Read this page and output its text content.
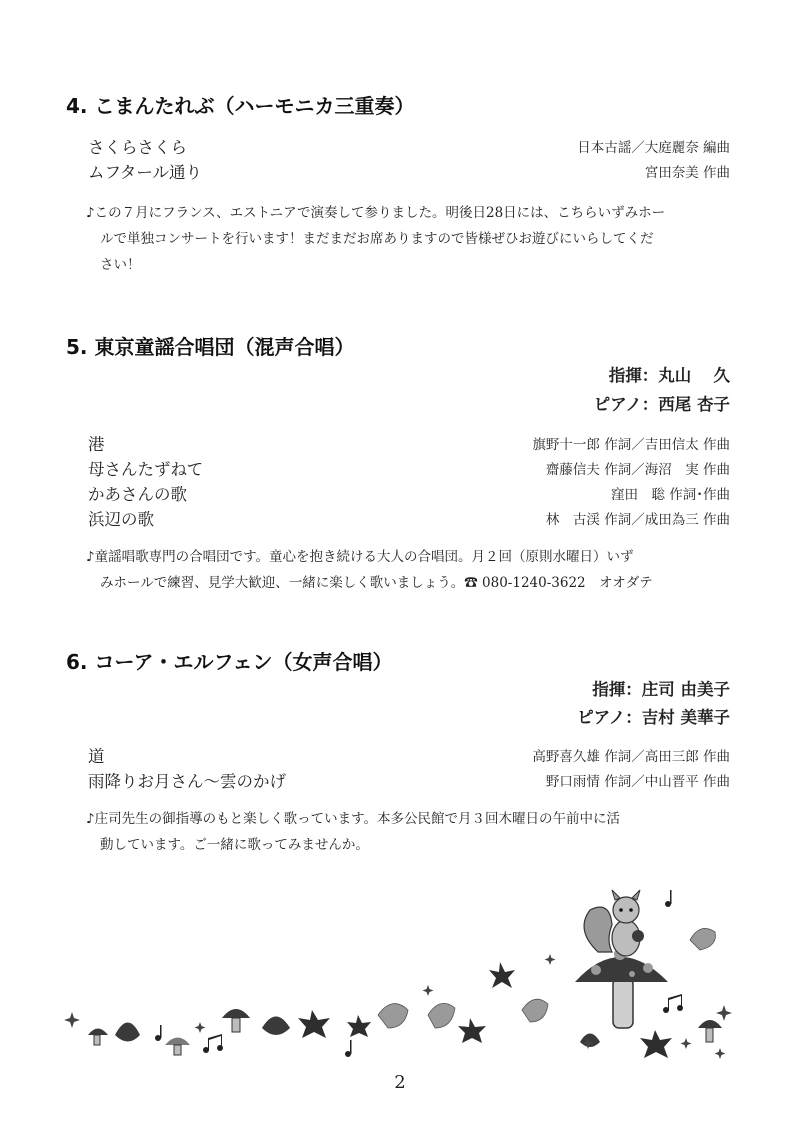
4. こまんたれぶ（ハーモニカ三重奏）
さくらさくら	日本古謡／大庭麗奈 編曲
ムフタール通り	宮田奈美 作曲
♪この７月にフランス、エストニアで演奏して参りました。明後日28日には、こちらいずみホー
ルで単独コンサートを行います！まだまだお席ありますので皆様ぜひお遊びにいらしてくだ
さい！
5. 東京童謡合唱団（混声合唱）
指揮：丸山　 久
ピアノ：西尾 杏子
港	旗野十一郎 作詞／吉田信太 作曲
母さんたずねて	齋藤信夫 作詞／海沼　実 作曲
かあさんの歌	窪田　聡 作詞･作曲
浜辺の歌	林　古渓 作詞／成田為三 作曲
♪童謡唱歌専門の合唱団です。童心を抱き続ける大人の合唱団。月２回（原則水曜日）いず
みホールで練習、見学大歓迎、一緒に楽しく歌いましょう。☎ 080-1240-3622　オオダテ
6. コーア・エルフェン（女声合唱）
指揮：庄司 由美子
ピアノ：吉村 美華子
道	高野喜久雄 作詞／高田三郎 作曲
雨降りお月さん〜雲のかげ	野口雨情 作詞／中山晋平 作曲
♪庄司先生の御指導のもと楽しく歌っています。本多公民館で月３回木曜日の午前中に活
動しています。ご一緒に歌ってみませんか。
2
